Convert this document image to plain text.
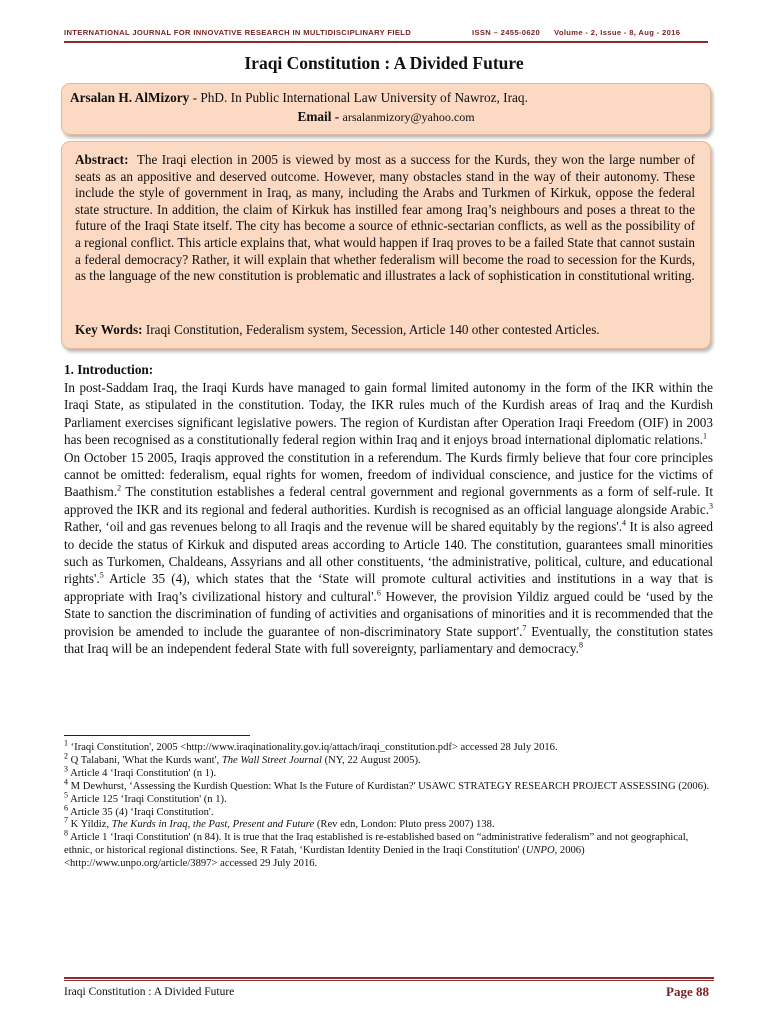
INTERNATIONAL JOURNAL FOR INNOVATIVE RESEARCH IN MULTIDISCIPLINARY FIELD	ISSN – 2455-0620 Volume - 2, Issue - 8, Aug - 2016
Iraqi Constitution : A Divided Future
Arsalan H. AlMizory - PhD. In Public International Law University of Nawroz, Iraq.
Email - arsalanmizory@yahoo.com
Abstract: The Iraqi election in 2005 is viewed by most as a success for the Kurds, they won the large number of seats as an appositive and deserved outcome. However, many obstacles stand in the way of their autonomy. These include the style of government in Iraq, as many, including the Arabs and Turkmen of Kirkuk, oppose the federal state structure. In addition, the claim of Kirkuk has instilled fear among Iraq’s neighbours and poses a threat to the future of the Iraqi State itself. The city has become a source of ethnic-sectarian conflicts, as well as the possibility of a regional conflict. This article explains that, what would happen if Iraq proves to be a failed State that cannot sustain a federal democracy? Rather, it will explain that whether federalism will become the road to secession for the Kurds, as the language of the new constitution is problematic and illustrates a lack of sophistication in constitutional writing.
Key Words: Iraqi Constitution, Federalism system, Secession, Article 140 other contested Articles.
1. Introduction:

In post-Saddam Iraq, the Iraqi Kurds have managed to gain formal limited autonomy in the form of the IKR within the Iraqi State, as stipulated in the constitution. Today, the IKR rules much of the Kurdish areas of Iraq and the Kurdish Parliament exercises significant legislative powers. The region of Kurdistan after Operation Iraqi Freedom (OIF) in 2003 has been recognised as a constitutionally federal region within Iraq and it enjoys broad international diplomatic relations.$^1$

On October 15 2005, Iraqis approved the constitution in a referendum. The Kurds firmly believe that four core principles cannot be omitted: federalism, equal rights for women, freedom of individual conscience, and justice for the victims of Baathism.$^2$ The constitution establishes a federal central government and regional governments as a form of self-rule. It approved the IKR and its regional and federal authorities. Kurdish is recognised as an official language alongside Arabic.$^3$ Rather, ‘oil and gas revenues belong to all Iraqis and the revenue will be shared equitably by the regions'.$^4$ It is also agreed to decide the status of Kirkuk and disputed areas according to Article 140. The constitution, guarantees small minorities such as Turkomen, Chaldeans, Assyrians and all other constituents, ‘the administrative, political, culture, and educational rights'.$^5$ Article 35 (4), which states that the ‘State will promote cultural activities and institutions in a way that is appropriate with Iraq’s civilizational history and cultural'.$^6$ However, the provision Yildiz argued could be ‘used by the State to sanction the discrimination of funding of activities and organisations of minorities and it is recommended that the provision be amended to include the guarantee of non-discriminatory State support'.$^7$ Eventually, the constitution states that Iraq will be an independent federal State with full sovereignty, parliamentary and democracy.$^8$

$^1$ ‘Iraqi Constitution', 2005 <http://www.iraqinationality.gov.iq/attach/iraqi_constitution.pdf> accessed 28 July 2016.
$^2$ Q Talabani, 'What the Kurds want', The Wall Street Journal (NY, 22 August 2005).
$^3$ Article 4 ‘Iraqi Constitution' (n 1).
$^4$ M Dewhurst, ‘Assessing the Kurdish Question: What Is the Future of Kurdistan?' USAWC STRATEGY RESEARCH PROJECT ASSESSING (2006).
$^5$ Article 125 ‘Iraqi Constitution' (n 1).
$^6$ Article 35 (4) ‘Iraqi Constitution'.
$^7$ K Yildiz, The Kurds in Iraq, the Past, Present and Future (Rev edn, London: Pluto press 2007) 138.
$^8$ Article 1 ‘Iraqi Constitution' (n 84). It is true that the Iraq established is re-established based on “administrative federalism” and not geographical, ethnic, or historical regional distinctions. See, R Fatah, ‘Kurdistan Identity Denied in the Iraqi Constitution' (UNPO, 2006) <http://www.unpo.org/article/3897> accessed 29 July 2016.
Iraqi Constitution : A Divided Future	Page 88
